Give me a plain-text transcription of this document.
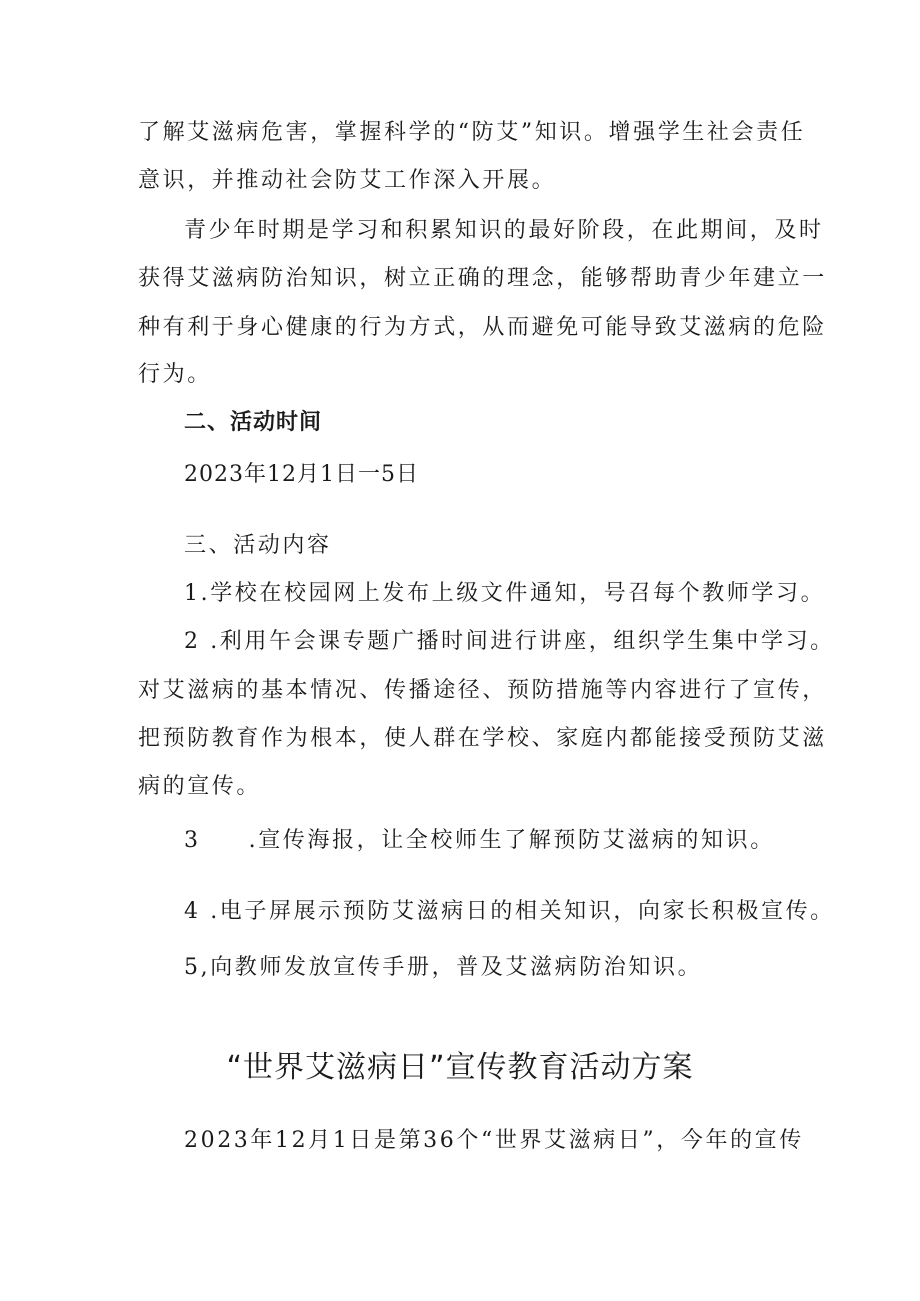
了解艾滋病危害，掌握科学的“防艾”知识。增强学生社会责任
意识，并推动社会防艾工作深入开展。
青少年时期是学习和积累知识的最好阶段，在此期间，及时
获得艾滋病防治知识，树立正确的理念，能够帮助青少年建立一
种有利于身心健康的行为方式，从而避免可能导致艾滋病的危险
行为。
二、活动时间
2023年12月1日一5日
三、活动内容
1.学校在校园网上发布上级文件通知，号召每个教师学习。
2 .利用午会课专题广播时间进行讲座，组织学生集中学习。
对艾滋病的基本情况、传播途径、预防措施等内容进行了宣传，
把预防教育作为根本，使人群在学校、家庭内都能接受预防艾滋
病的宣传。
3 .宣传海报，让全校师生了解预防艾滋病的知识。
4 .电子屏展示预防艾滋病日的相关知识，向家长积极宣传。
5,向教师发放宣传手册，普及艾滋病防治知识。
“世界艾滋病日”宣传教育活动方案
2023年12月1日是第36个“世界艾滋病日”，今年的宣传
